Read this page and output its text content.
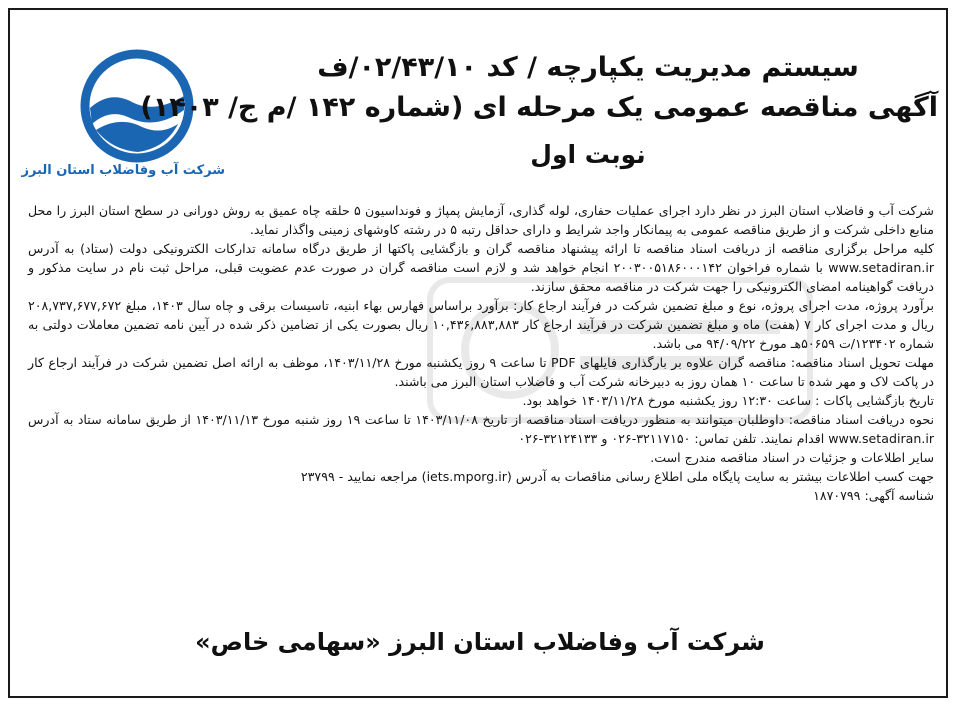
شرکت آب وفاضلاب استان البرز
سیستم مدیریت یکپارچه / کد ۰۲/۴۳/۱۰/ف
آگهی مناقصه عمومی یک مرحله ای (شماره ۱۴۲ /م ج/ ۱۴۰۳)
نوبت اول

شرکت آب و فاضلاب استان البرز در نظر دارد اجرای عملیات حفاری، لوله گذاری، آزمایش پمپاژ و فونداسیون ۵ حلقه چاه عمیق به روش دورانی در سطح استان البرز را محل منابع داخلی شرکت و از طریق مناقصه عمومی به پیمانکار واجد شرایط و دارای حداقل رتبه ۵ در رشته کاوشهای زمینی واگذار نماید.

کلیه مراحل برگزاری مناقصه از دریافت اسناد مناقصه تا ارائه پیشنهاد مناقصه گران و بازگشایی پاکتها از طریق درگاه سامانه تدارکات الکترونیکی دولت (ستاد) به آدرس www.setadiran.ir با شماره فراخوان ۲۰۰۳۰۰۵۱۸۶۰۰۰۱۴۲ انجام خواهد شد و لازم است مناقصه گران در صورت عدم عضویت قبلی، مراحل ثبت نام در سایت مذکور و دریافت گواهینامه امضای الکترونیکی را جهت شرکت در مناقصه محقق سازند.

برآورد پروژه، مدت اجرای پروژه، نوع و مبلغ تضمین شرکت در فرآیند ارجاع کار: برآورد براساس فهارس بهاء ابنیه، تاسیسات برقی و چاه سال ۱۴۰۳، مبلغ ۲۰۸,۷۳۷,۶۷۷,۶۷۲ ریال و مدت اجرای کار ۷ (هفت) ماه و مبلغ تضمین شرکت در فرآیند ارجاع کار ۱۰,۴۳۶,۸۸۳,۸۸۳ ریال بصورت یکی از تضامین ذکر شده در آیین نامه تضمین معاملات دولتی به شماره ۱۲۳۴۰۲/ت ۵۰۶۵۹هـ مورخ ۹۴/۰۹/۲۲ می باشد.

مهلت تحویل اسناد مناقصه: مناقصه گران علاوه بر بارگذاری فایلهای PDF تا ساعت ۹ روز یکشنبه مورخ ۱۴۰۳/۱۱/۲۸، موظف به ارائه اصل تضمین شرکت در فرآیند ارجاع کار در پاکت لاک و مهر شده تا ساعت ۱۰ همان روز به دبیرخانه شرکت آب و فاضلاب استان البرز می باشند.

تاریخ بازگشایی پاکات : ساعت ۱۲:۳۰ روز یکشنبه مورخ ۱۴۰۳/۱۱/۲۸ خواهد بود.

نحوه دریافت اسناد مناقصه: داوطلبان میتوانند به منظور دریافت اسناد مناقصه از تاریخ ۱۴۰۳/۱۱/۰۸ تا ساعت ۱۹ روز شنبه مورخ ۱۴۰۳/۱۱/۱۳ از طریق سامانه ستاد به آدرس www.setadiran.ir اقدام نمایند. تلفن تماس: ۳۲۱۱۷۱۵۰-۰۲۶ و ۳۲۱۲۴۱۳۳-۰۲۶

سایر اطلاعات و جزئیات در اسناد مناقصه مندرج است.

جهت کسب اطلاعات بیشتر به سایت پایگاه ملی اطلاع رسانی مناقصات به آدرس (iets.mporg.ir) مراجعه نمایید - ۲۳۷۹۹

شناسه آگهی: ۱۸۷۰۷۹۹

شرکت آب وفاضلاب استان البرز «سهامی خاص»
